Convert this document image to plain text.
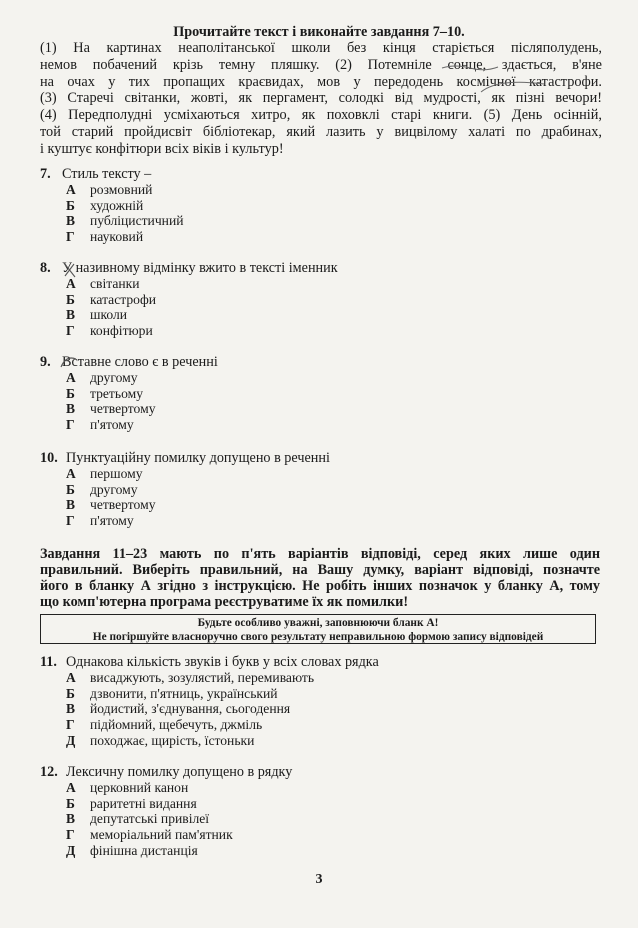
Прочитайте текст і виконайте завдання 7–10.
(1) На картинах неаполітанської школи без кінця старіється післяполудень,
немов побачений крізь темну пляшку. (2) Потемніле сонце, здається, в'яне
на очах у тих пропащих краєвидах, мов у передодень космічної катастрофи.
(3) Старечі світанки, жовті, як пергамент, солодкі від мудрості, як пізні вечори!
(4) Передполудні усміхаються хитро, як поховклі старі книги. (5) День осінній,
той старий пройдисвіт бібліотекар, який лазить у вицвілому халаті по драбинах,
і куштує конфітюри всіх віків і культур!
7. Стиль тексту –
А розмовний
Б художній
В публіцистичний
Г науковий
8. У називному відмінку вжито в тексті іменник
А світанки
Б катастрофи
В школи
Г конфітюри
9. Вставне слово є в реченні
А другому
Б третьому
В четвертому
Г п'ятому
10. Пунктуаційну помилку допущено в реченні
А першому
Б другому
В четвертому
Г п'ятому
Завдання 11–23 мають по п'ять варіантів відповіді, серед яких лише один
правильний. Виберіть правильний, на Вашу думку, варіант відповіді, позначте
його в бланку А згідно з інструкцією. Не робіть інших позначок у бланку А, тому
що комп'ютерна програма реєструватиме їх як помилки!
Будьте особливо уважні, заповнюючи бланк А!
Не погіршуйте власноручно свого результату неправильною формою запису відповідей
11. Однакова кількість звуків і букв у всіх словах рядка
А висаджують, зозулястий, перемивають
Б дзвонити, п'ятниць, український
В йодистий, з'єднування, сьогодення
Г підйомний, щебечуть, джміль
Д походжає, щирість, їстоньки
12. Лексичну помилку допущено в рядку
А церковний канон
Б раритетні видання
В депутатські привілеї
Г меморіальний пам'ятник
Д фінішна дистанція
3
